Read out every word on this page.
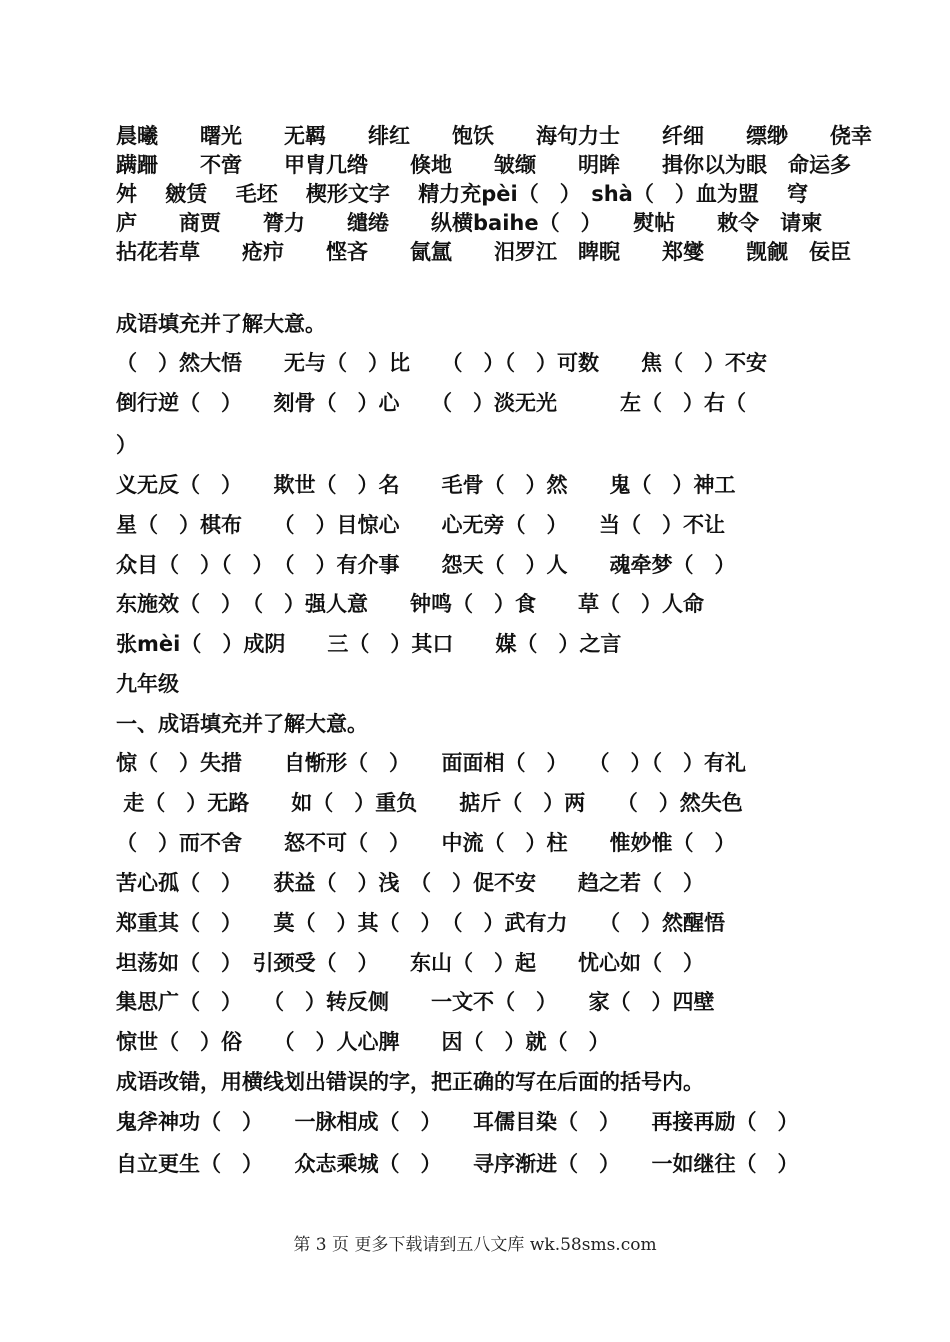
晨曦　　曙光　　无羁　　绯红　　饱饫　　海句力士　　纤细　　缥缈　　侥幸
蹒跚　　不啻　　甲胄几绺　　倏地　　皱缬　　明眸　　揖你以为眼　命运多
舛　 皴赁　 毛坯　 楔形文字　 精力充pèi（　）　shà（　）血为盟　 穹
庐　　商贾　　膂力　　缱绻　　纵横baihe（　）　　熨帖　　敕令　请柬
拈花若草　　疮疖　　悭吝　　氤氲　　汨罗江　睥睨　　郑燮　　觊觎　佞臣
成语填充并了解大意。
（　）然大悟　　无与（　）比　　（　）（　）可数　　焦（　）不安
倒行逆（　）　　刻骨（　）心　　（　）淡无光　　　左（　）右（
）
义无反（　）　　欺世（　）名　　毛骨（　）然　　鬼（　）神工
星（　）棋布　　（　）目惊心　　心无旁（　）　　当（　）不让
众目（　）（　）　（　）有介事　　怨天（　）人　　魂牵梦（　）
东施效（　）　（　）强人意　　钟鸣（　）食　　草（　）人命
张mèi（　）成阴　　三（　）其口　　媒（　）之言
九年级
一、成语填充并了解大意。
惊（　）失措　　自惭形（　）　　面面相（　）　　（　）（　）有礼
走（　）无路　　如（　）重负　　掂斤（　）两　　（　）然失色
（　）而不舍　　怒不可（　）　　中流（　）柱　　惟妙惟（　）
苦心孤（　）　　获益（　）浅　（　）促不安　　趋之若（　）
郑重其（　）　　莫（　）其（　）　（　）武有力　　（　）然醒悟
坦荡如（　）　引颈受（　）　　东山（　）起　　忧心如（　）
集思广（　）　　（　）转反侧　　一文不（　）　　家（　）四壁
惊世（　）俗　　（　）人心脾　　因（　）就（　）
成语改错，用横线划出错误的字，把正确的写在后面的括号内。
鬼斧神功（　）　　一脉相成（　）　　耳儒目染（　）　　再接再励（　）
自立更生（　）　　众志乘城（　）　　寻序渐进（　）　　一如继往（　）
第 3 页 更多下载请到五八文库 wk.58sms.com
